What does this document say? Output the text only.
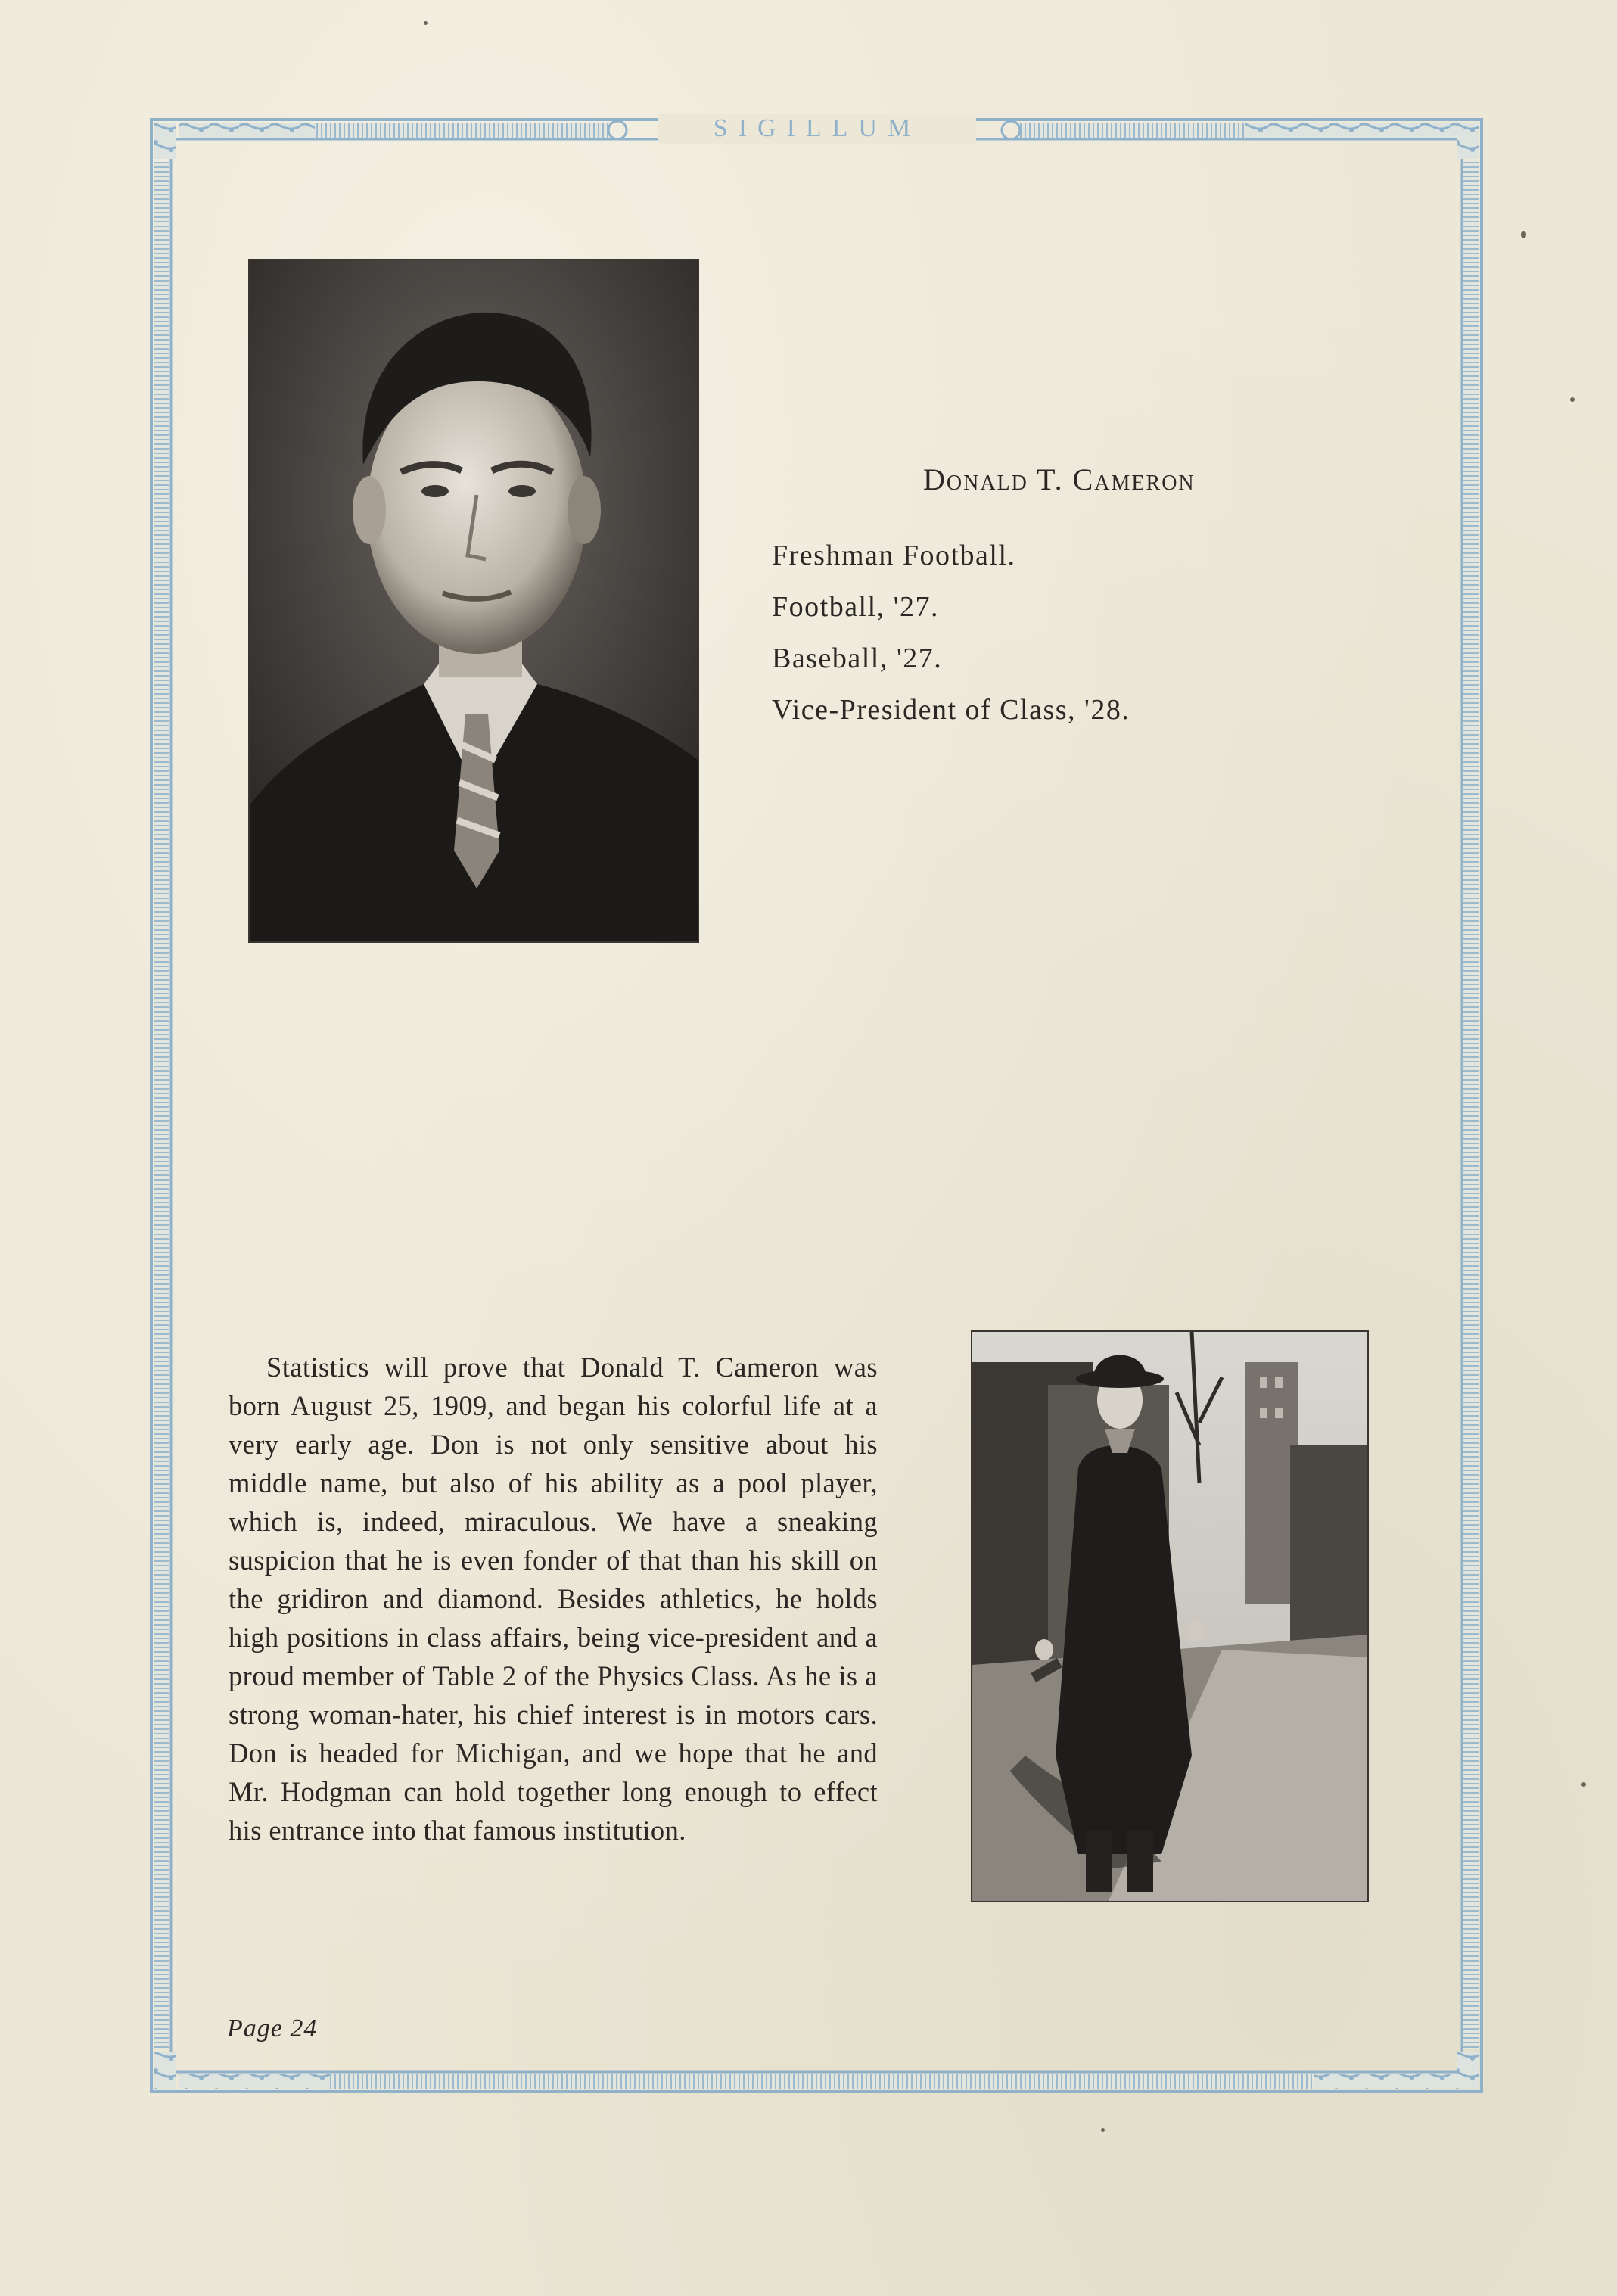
SIGILLUM
Donald T. Cameron
Freshman Football.
Football, '27.
Baseball, '27.
Vice-President of Class, '28.

Statistics will prove that Donald T. Cameron was born August 25, 1909, and began his colorful life at a very early age. Don is not only sensitive about his middle name, but also of his ability as a pool player, which is, indeed, miraculous. We have a sneaking suspicion that he is even fonder of that than his skill on the gridiron and diamond. Besides athletics, he holds high positions in class affairs, being vice-president and a proud member of Table 2 of the Physics Class. As he is a strong woman-hater, his chief interest is in motors cars. Don is headed for Michigan, and we hope that he and Mr. Hodgman can hold together long enough to effect his entrance into that famous institution.

Page 24
